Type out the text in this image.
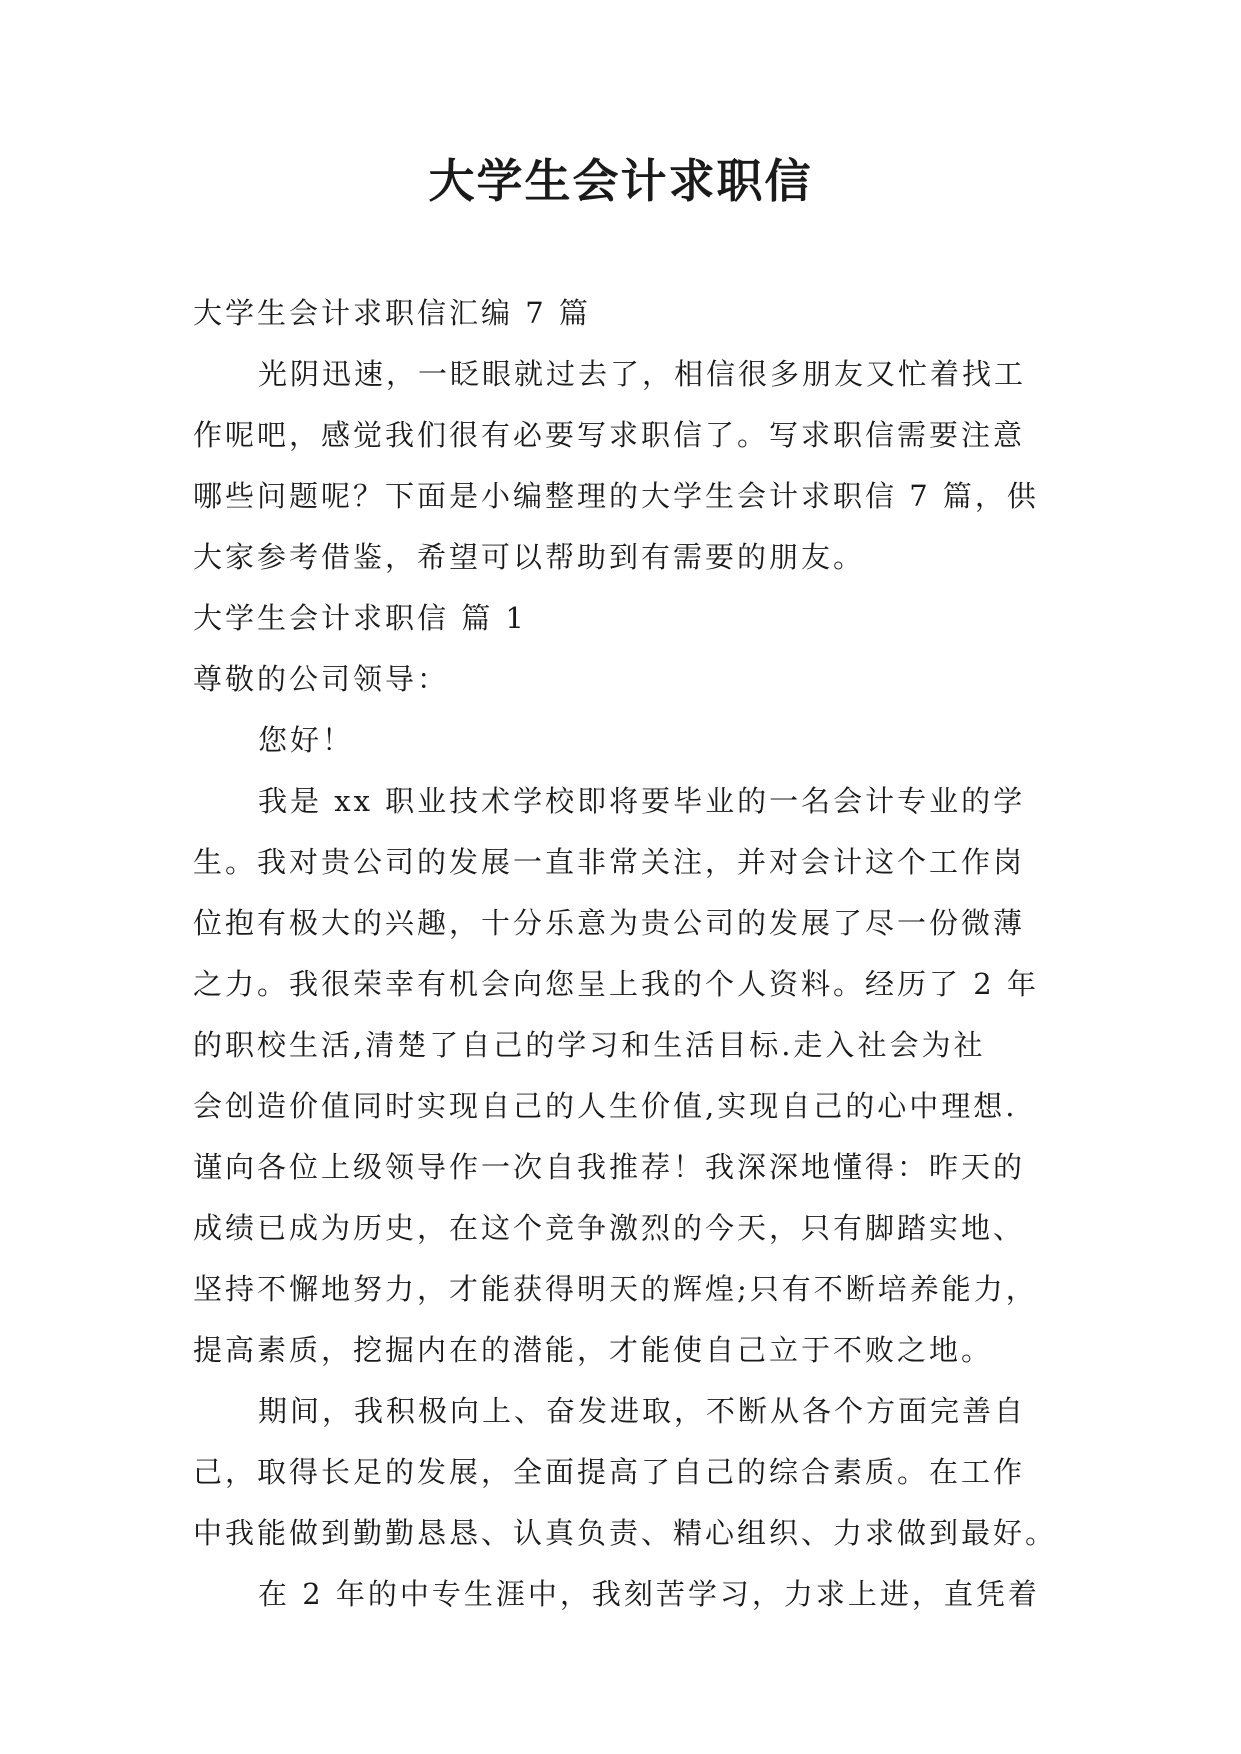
大学生会计求职信

大学生会计求职信汇编 7 篇

光阴迅速，一眨眼就过去了，相信很多朋友又忙着找工

作呢吧，感觉我们很有必要写求职信了。写求职信需要注意

哪些问题呢？下面是小编整理的大学生会计求职信 7 篇，供

大家参考借鉴，希望可以帮助到有需要的朋友。

大学生会计求职信 篇 1

尊敬的公司领导：

您好！

我是 xx 职业技术学校即将要毕业的一名会计专业的学

生。我对贵公司的发展一直非常关注，并对会计这个工作岗

位抱有极大的兴趣，十分乐意为贵公司的发展了尽一份微薄

之力。我很荣幸有机会向您呈上我的个人资料。经历了 2 年

的职校生活,清楚了自己的学习和生活目标.走入社会为社

会创造价值同时实现自己的人生价值,实现自己的心中理想.

谨向各位上级领导作一次自我推荐！我深深地懂得：昨天的

成绩已成为历史，在这个竞争激烈的今天，只有脚踏实地、

坚持不懈地努力，才能获得明天的辉煌;只有不断培养能力，

提高素质，挖掘内在的潜能，才能使自己立于不败之地。

期间，我积极向上、奋发进取，不断从各个方面完善自

己，取得长足的发展，全面提高了自己的综合素质。在工作

中我能做到勤勤恳恳、认真负责、精心组织、力求做到最好。

在 2 年的中专生涯中，我刻苦学习，力求上进，直凭着
